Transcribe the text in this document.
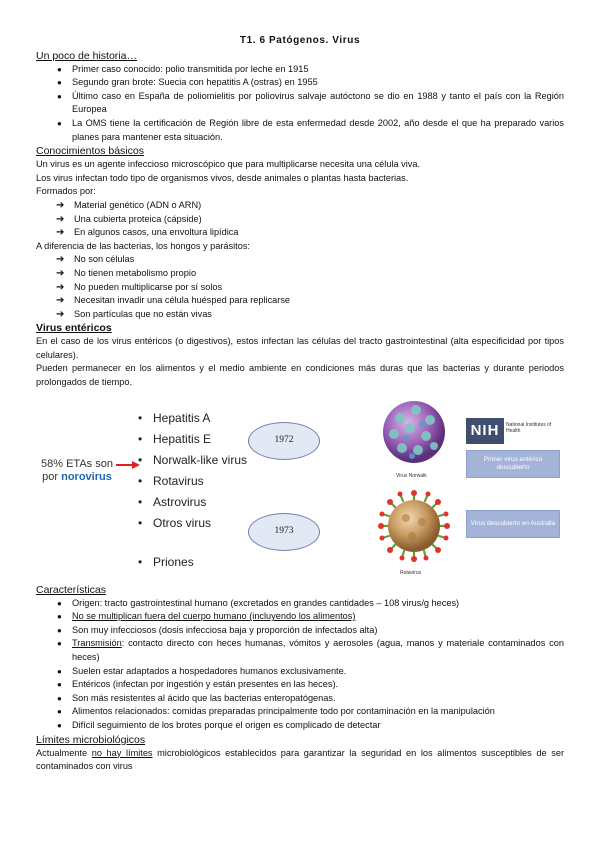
T1. 6 Patógenos. Virus
Un poco de historia…
● Primer caso conocido: polio transmitida por leche en 1915
● Segundo gran brote: Suecia con hepatitis A (ostras) en 1955
● Último caso en España de poliomielitis por poliovirus salvaje autóctono se dio en 1988 y tanto el país con la Región Europea
● La OMS tiene la certificación de Región libre de esta enfermedad desde 2002, año desde el que ha preparado varios planes para mantener esta situación.
Conocimientos básicos
Un virus es un agente infeccioso microscópico que para multiplicarse necesita una célula viva.
Los virus infectan todo tipo de organismos vivos, desde animales o plantas hasta bacterias.
Formados por:
➔ Material genético (ADN o ARN)
➔ Una cubierta proteica (cápside)
➔ En algunos casos, una envoltura lipídica
A diferencia de las bacterias, los hongos y parásitos:
➔ No son células
➔ No tienen metabolismo propio
➔ No pueden multiplicarse por sí solos
➔ Necesitan invadir una célula huésped para replicarse
➔ Son partículas que no están vivas
Virus entéricos
En el caso de los virus entéricos (o digestivos), estos infectan las células del tracto gastrointestinal (alta especificidad por tipos celulares).
Pueden permanecer en los alimentos y el medio ambiente en condiciones más duras que las bacterias y durante periodos prolongados de tiempo.
58% ETAs son
por norovirus
• Hepatitis A
• Hepatitis E
• Norwalk-like virus
• Rotavirus
• Astrovirus
• Otros virus
• Priones
1972
1973
Virus Norwalk
Rotavirus
NIH	National Institutes of Health
Primer virus entérico descubierto
Virus descubierto en Australia
Características
● Origen: tracto gastrointestinal humano (excretados en grandes cantidades – 108 virus/g heces)
● No se multiplican fuera del cuerpo humano (incluyendo los alimentos)
● Son muy infecciosos (dosis infecciosa baja y proporción de infectados alta)
● Transmisión: contacto directo con heces humanas, vómitos y aerosoles (agua, manos y materiale contaminados con heces)
● Suelen estar adaptados a hospedadores humanos exclusivamente.
● Entéricos (infectan por ingestión y están presentes en las heces).
● Son más resistentes al ácido que las bacterias enteropatógenas.
● Alimentos relacionados: comidas preparadas principalmente todo por contaminación en la manipulación
● Difícil seguimiento de los brotes porque el origen es complicado de detectar
Límites microbiológicos
Actualmente no hay límites microbiológicos establecidos para garantizar la seguridad en los alimentos susceptibles de ser contaminados con virus
